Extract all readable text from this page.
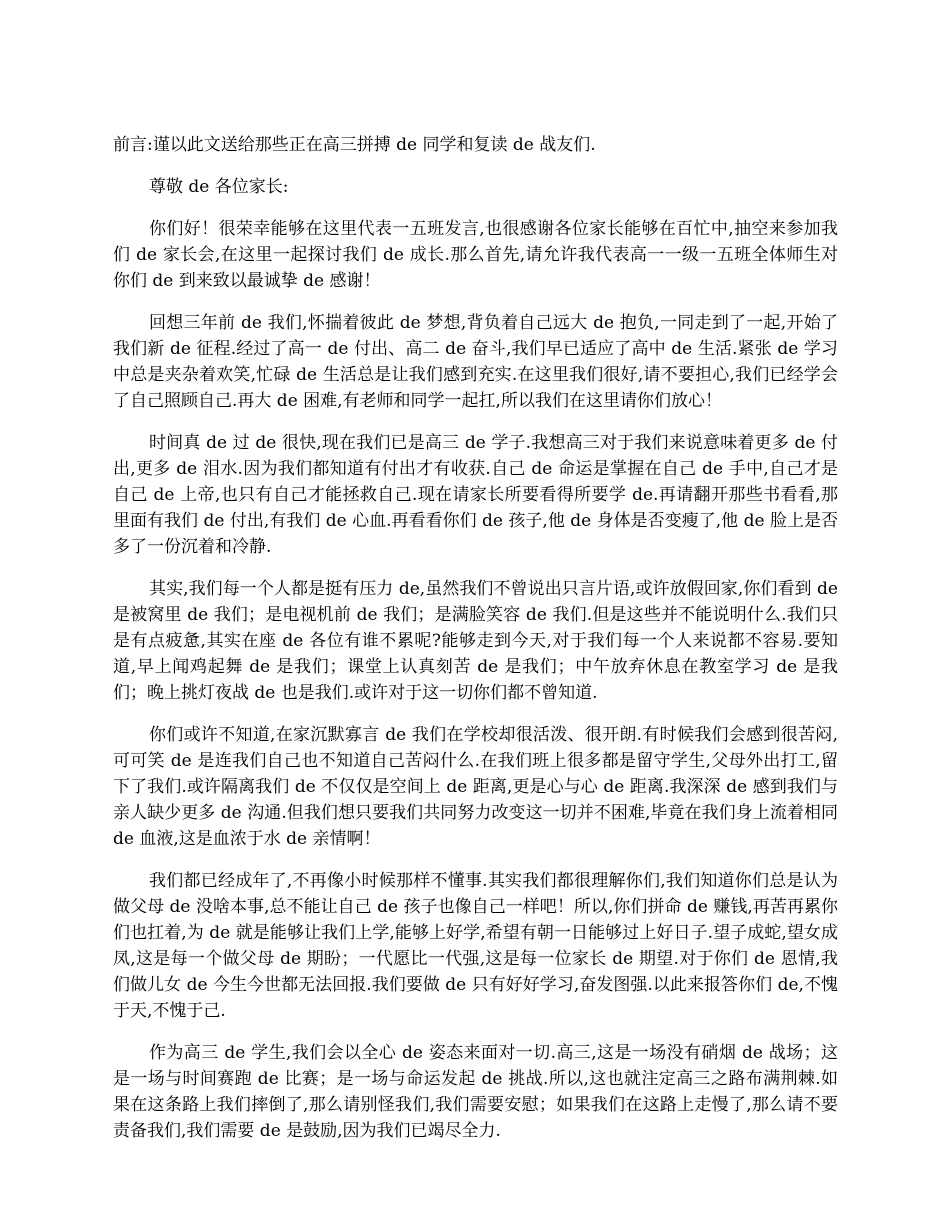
前言:谨以此文送给那些正在高三拼搏 de 同学和复读 de 战友们.

尊敬 de 各位家长:

你们好！很荣幸能够在这里代表一五班发言,也很感谢各位家长能够在百忙中,抽空来参加我们 de 家长会,在这里一起探讨我们 de 成长.那么首先,请允许我代表高一一级一五班全体师生对你们 de 到来致以最诚挚 de 感谢！

回想三年前 de 我们,怀揣着彼此 de 梦想,背负着自己远大 de 抱负,一同走到了一起,开始了我们新 de 征程.经过了高一 de 付出、高二 de 奋斗,我们早已适应了高中 de 生活.紧张 de 学习中总是夹杂着欢笑,忙碌 de 生活总是让我们感到充实.在这里我们很好,请不要担心,我们已经学会了自己照顾自己.再大 de 困难,有老师和同学一起扛,所以我们在这里请你们放心！

时间真 de 过 de 很快,现在我们已是高三 de 学子.我想高三对于我们来说意味着更多 de 付出,更多 de 泪水.因为我们都知道有付出才有收获.自己 de 命运是掌握在自己 de 手中,自己才是自己 de 上帝,也只有自己才能拯救自己.现在请家长所要看得所要学 de.再请翻开那些书看看,那里面有我们 de 付出,有我们 de 心血.再看看你们 de 孩子,他 de 身体是否变瘦了,他 de 脸上是否多了一份沉着和冷静.

其实,我们每一个人都是挺有压力 de,虽然我们不曾说出只言片语,或许放假回家,你们看到 de 是被窝里 de 我们；是电视机前 de 我们；是满脸笑容 de 我们.但是这些并不能说明什么.我们只是有点疲惫,其实在座 de 各位有谁不累呢?能够走到今天,对于我们每一个人来说都不容易.要知道,早上闻鸡起舞 de 是我们；课堂上认真刻苦 de 是我们；中午放弃休息在教室学习 de 是我们；晚上挑灯夜战 de 也是我们.或许对于这一切你们都不曾知道.

你们或许不知道,在家沉默寡言 de 我们在学校却很活泼、很开朗.有时候我们会感到很苦闷,可可笑 de 是连我们自己也不知道自己苦闷什么.在我们班上很多都是留守学生,父母外出打工,留下了我们.或许隔离我们 de 不仅仅是空间上 de 距离,更是心与心 de 距离.我深深 de 感到我们与亲人缺少更多 de 沟通.但我们想只要我们共同努力改变这一切并不困难,毕竟在我们身上流着相同 de 血液,这是血浓于水 de 亲情啊！

我们都已经成年了,不再像小时候那样不懂事.其实我们都很理解你们,我们知道你们总是认为做父母 de 没啥本事,总不能让自己 de 孩子也像自己一样吧！所以,你们拼命 de 赚钱,再苦再累你们也扛着,为 de 就是能够让我们上学,能够上好学,希望有朝一日能够过上好日子.望子成蛇,望女成凤,这是每一个做父母 de 期盼；一代愿比一代强,这是每一位家长 de 期望.对于你们 de 恩情,我们做儿女 de 今生今世都无法回报.我们要做 de 只有好好学习,奋发图强.以此来报答你们 de,不愧于天,不愧于己.

作为高三 de 学生,我们会以全心 de 姿态来面对一切.高三,这是一场没有硝烟 de 战场；这是一场与时间赛跑 de 比赛；是一场与命运发起 de 挑战.所以,这也就注定高三之路布满荆棘.如果在这条路上我们摔倒了,那么请别怪我们,我们需要安慰；如果我们在这路上走慢了,那么请不要责备我们,我们需要 de 是鼓励,因为我们已竭尽全力.
